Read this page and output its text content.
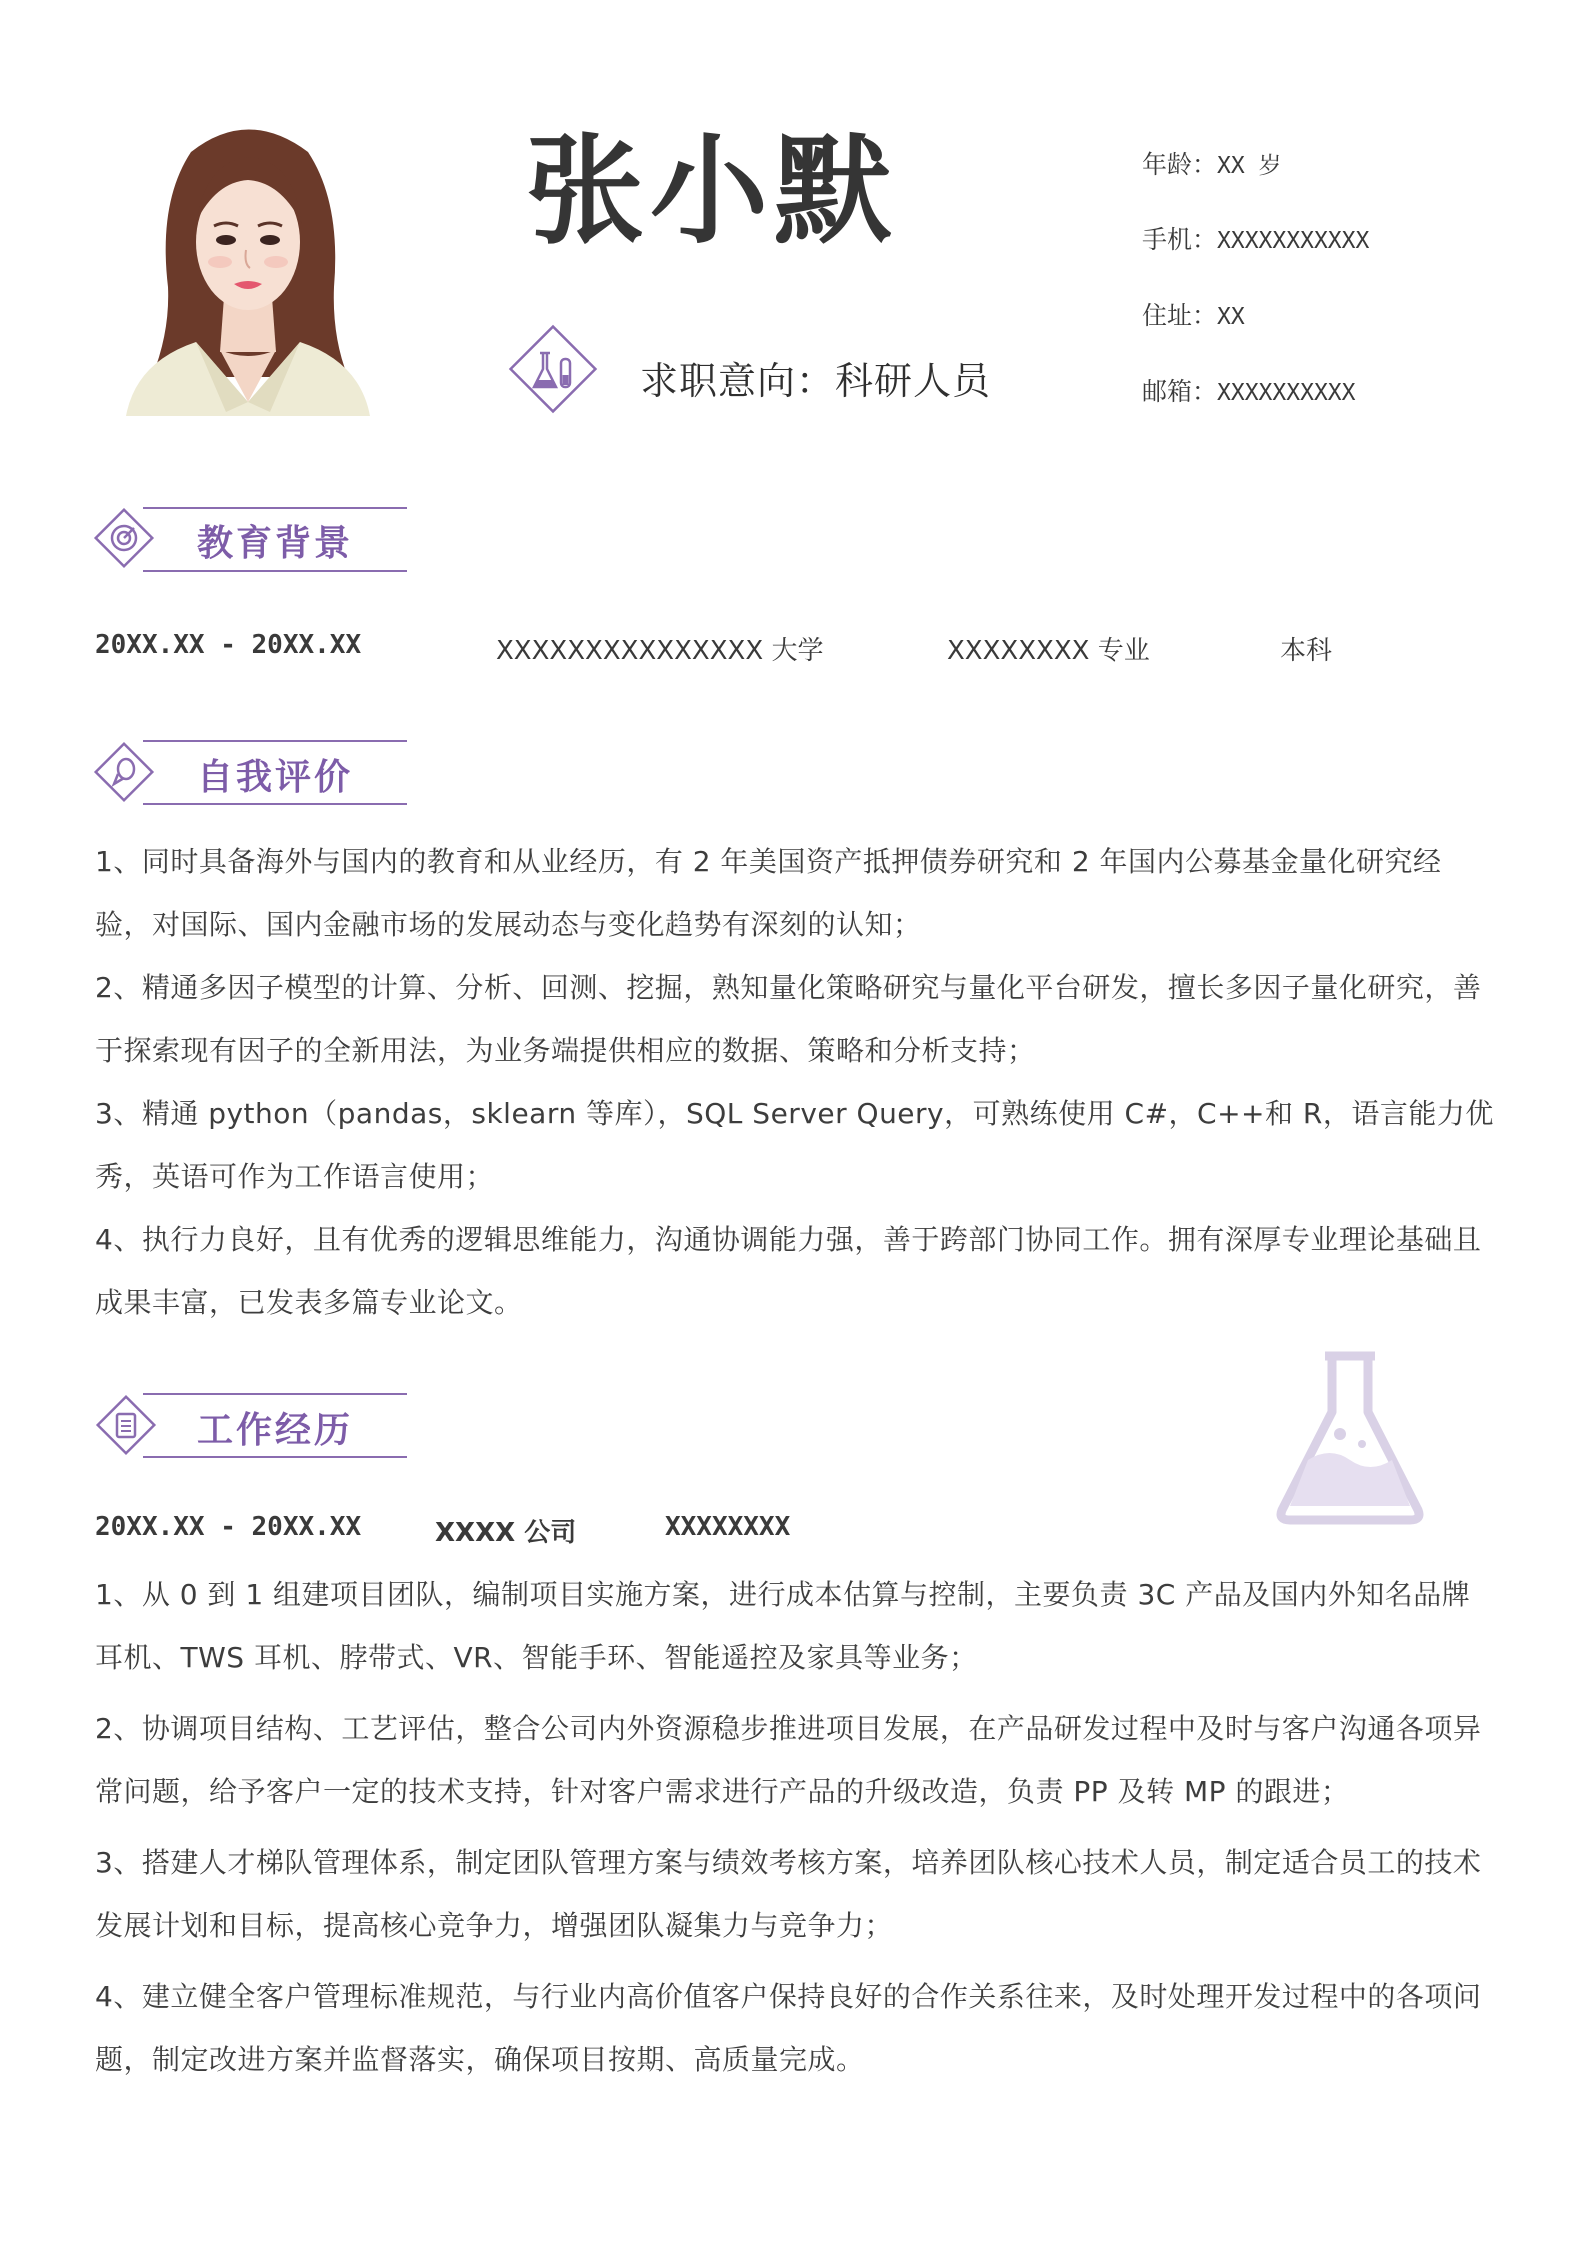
张小默
求职意向：科研人员
年龄：XX 岁
手机：XXXXXXXXXXX
住址：XX
邮箱：XXXXXXXXXX
教育背景
20XX.XX - 20XX.XX	XXXXXXXXXXXXXXX 大学	XXXXXXXX 专业	本科
自我评价

1、同时具备海外与国内的教育和从业经历，有 2 年美国资产抵押债券研究和 2 年国内公募基金量化研究经验，对国际、国内金融市场的发展动态与变化趋势有深刻的认知；

2、精通多因子模型的计算、分析、回测、挖掘，熟知量化策略研究与量化平台研发，擅长多因子量化研究，善于探索现有因子的全新用法，为业务端提供相应的数据、策略和分析支持；

3、精通 python（pandas，sklearn 等库），SQL Server Query，可熟练使用 C#，C++和 R，语言能力优秀，英语可作为工作语言使用；

4、执行力良好，且有优秀的逻辑思维能力，沟通协调能力强，善于跨部门协同工作。拥有深厚专业理论基础且成果丰富，已发表多篇专业论文。

工作经历
20XX.XX - 20XX.XX	XXXX 公司	XXXXXXXX

1、从 0 到 1 组建项目团队，编制项目实施方案，进行成本估算与控制，主要负责 3C 产品及国内外知名品牌耳机、TWS 耳机、脖带式、VR、智能手环、智能遥控及家具等业务；

2、协调项目结构、工艺评估，整合公司内外资源稳步推进项目发展，在产品研发过程中及时与客户沟通各项异常问题，给予客户一定的技术支持，针对客户需求进行产品的升级改造，负责 PP 及转 MP 的跟进；

3、搭建人才梯队管理体系，制定团队管理方案与绩效考核方案，培养团队核心技术人员，制定适合员工的技术发展计划和目标，提高核心竞争力，增强团队凝集力与竞争力；

4、建立健全客户管理标准规范，与行业内高价值客户保持良好的合作关系往来，及时处理开发过程中的各项问题，制定改进方案并监督落实，确保项目按期、高质量完成。
